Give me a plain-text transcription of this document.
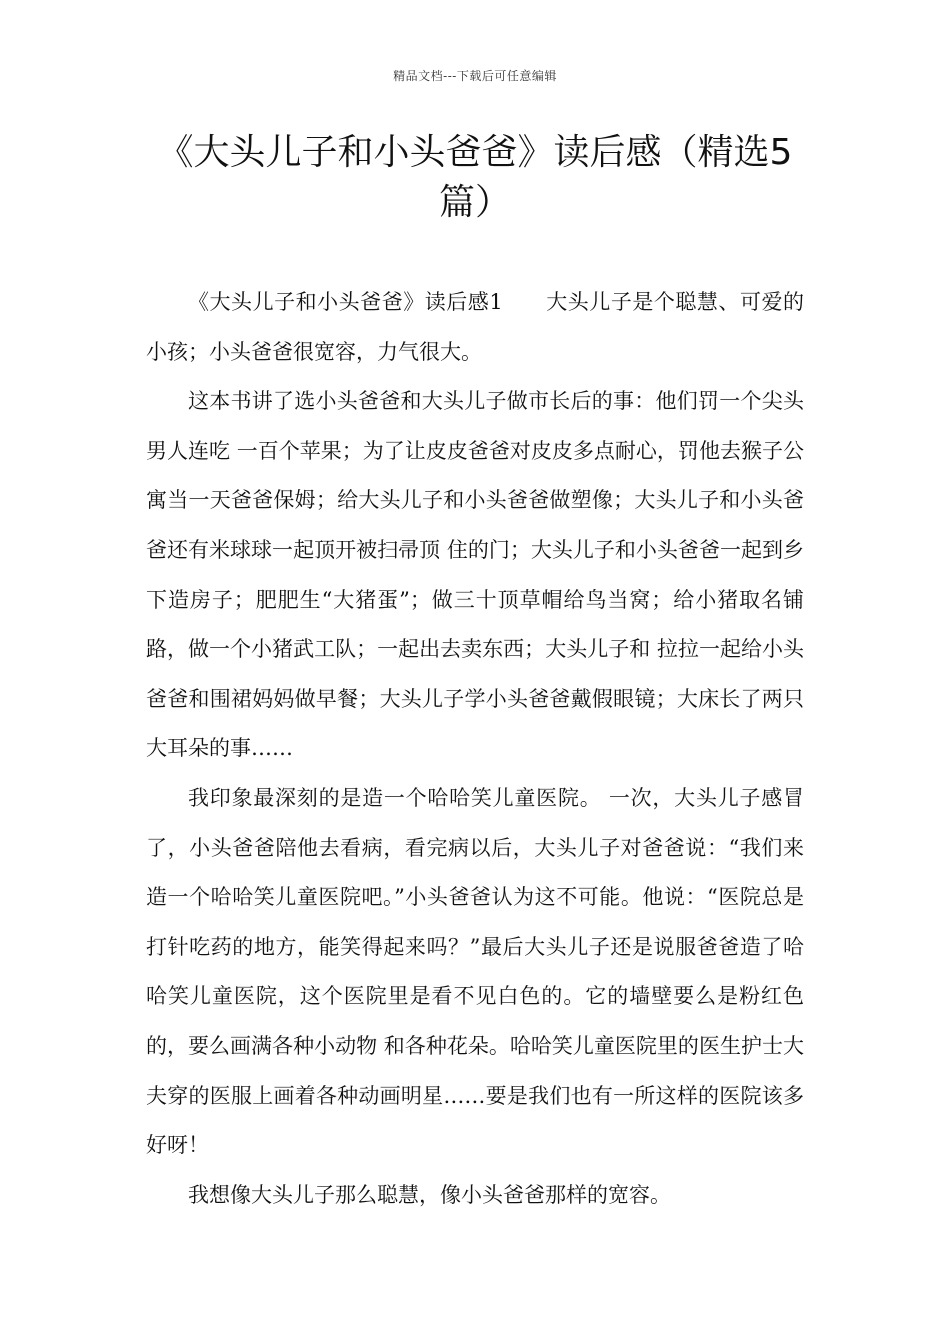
精品文档---下载后可任意编辑
《大头儿子和小头爸爸》读后感（精选5篇）

《大头儿子和小头爸爸》读后感1　　大头儿子是个聪慧、可爱的小孩；小头爸爸很宽容，力气很大。

这本书讲了选小头爸爸和大头儿子做市长后的事：他们罚一个尖头男人连吃 一百个苹果；为了让皮皮爸爸对皮皮多点耐心，罚他去猴子公寓当一天爸爸保姆；给大头儿子和小头爸爸做塑像；大头儿子和小头爸爸还有米球球一起顶开被扫帚顶 住的门；大头儿子和小头爸爸一起到乡下造房子；肥肥生“大猪蛋”；做三十顶草帽给鸟当窝；给小猪取名铺路，做一个小猪武工队；一起出去卖东西；大头儿子和 拉拉一起给小头爸爸和围裙妈妈做早餐；大头儿子学小头爸爸戴假眼镜；大床长了两只大耳朵的事……

我印象最深刻的是造一个哈哈笑儿童医院。 一次，大头儿子感冒了，小头爸爸陪他去看病，看完病以后，大头儿子对爸爸说：“我们来造一个哈哈笑儿童医院吧。”小头爸爸认为这不可能。他说：“医院总是 打针吃药的地方，能笑得起来吗？”最后大头儿子还是说服爸爸造了哈哈笑儿童医院，这个医院里是看不见白色的。它的墙壁要么是粉红色的，要么画满各种小动物 和各种花朵。哈哈笑儿童医院里的医生护士大夫穿的医服上画着各种动画明星……要是我们也有一所这样的医院该多好呀！

我想像大头儿子那么聪慧，像小头爸爸那样的宽容。
